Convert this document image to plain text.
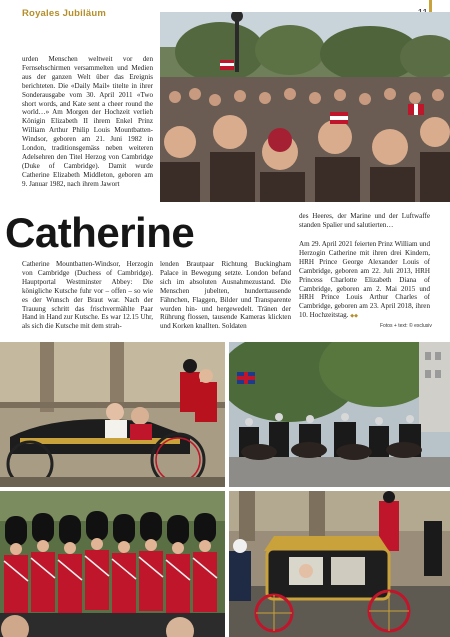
Royales Jubiläum

urden Menschen weltweit vor den Fernsehschirmen versammelten und Medien aus der ganzen Welt über das Ereignis berichteten. Die «Daily Mail» titelte in ihrer Sonderausgabe vom 30. April 2011 «Two short words, and Kate sent a cheer round the world…» Am Morgen der Hochzeit verlieh Königin Elizabeth II ihrem Enkel Prinz William Arthur Philip Louis Mountbatten-Windsor, geboren am 21. Juni 1982 in London, traditionsgemäss neben weiteren Adelsehren den Titel Herzog von Cambridge (Duke of Cambridge). Damit wurde Catherine Elizabeth Middleton, geboren am 9. Januar 1982, nach ihrem Jawort

Catherine	des Heeres, der Marine und der Luftwaffe standen Spalier und salutierten…
Catherine Mountbatten-Windsor, Herzogin von Cambridge (Duchess of Cambridge). Hauptportal Westminster Abbey: Die königliche Kutsche fuhr vor – offen – so wie es der Wunsch der Braut war. Nach der Trauung schritt das frischvermählte Paar Hand in Hand zur Kutsche. Es war 12.15 Uhr, als sich die Kutsche mit dem strah-
lenden Brautpaar Richtung Buckingham Palace in Bewegung setzte. London befand sich im absoluten Ausnahmezustand. Die Menschen jubelten, hunderttausende Fähnchen, Flaggen, Bilder und Transparente wurden hin- und hergewedelt. Tränen der Rührung flossen, tausende Kameras klickten und Korken knallten. Soldaten
Am 29. April 2021 feierten Prinz William und Herzogin Catherine mit ihren drei Kindern, HRH Prince George Alexander Louis of Cambridge, geboren am 22. Juli 2013, HRH Princess Charlotte Elizabeth Diana of Cambridge, geboren am 2. Mai 2015 und HRH Prince Louis Arthur Charles of Cambridge, geboren am 23. April 2018, ihren 10. Hochzeitstag. ◆◆
Fotos + text: © exclusiv
